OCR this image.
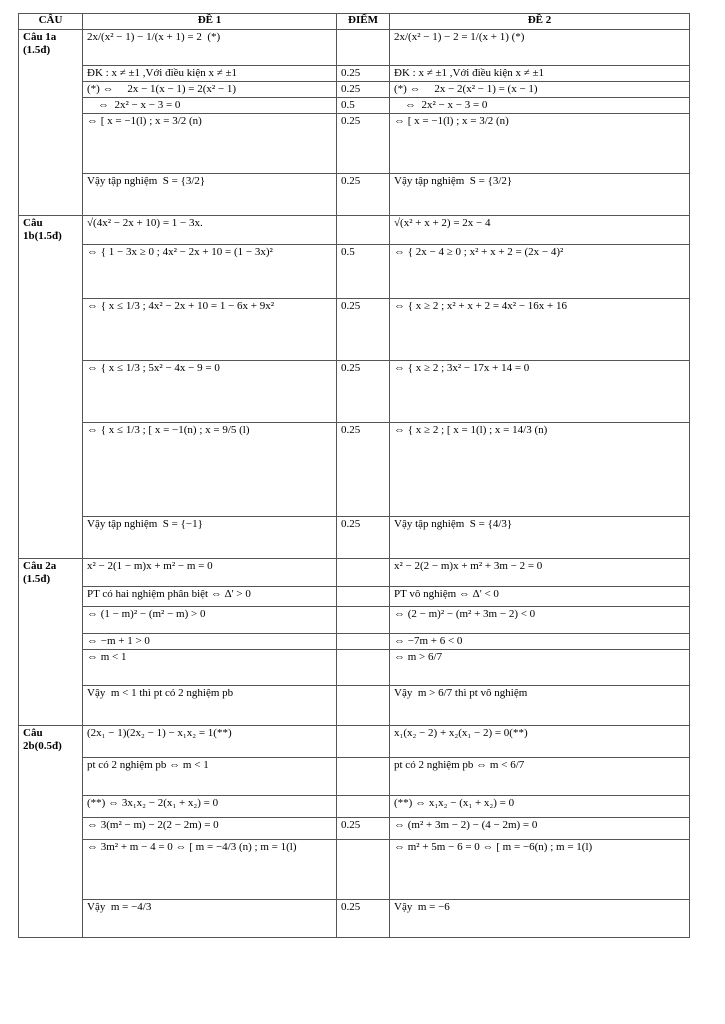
CÂU	ĐỀ 1	ĐIỂM	ĐỀ 2
Câu 1a
(1.5đ)	2x/(x² − 1) − 1/(x + 1) = 2  (*)		2x/(x² − 1) − 2 = 1/(x + 1) (*)
	ĐK : x ≠ ±1 ,Với điều kiện x ≠ ±1	0.25	ĐK : x ≠ ±1 ,Với điều kiện x ≠ ±1
	(*) ⇔     2x − 1(x − 1) = 2(x² − 1)	0.25	(*) ⇔     2x − 2(x² − 1) = (x − 1)
	⇔  2x² − x − 3 = 0	0.5	⇔  2x² − x − 3 = 0
	⇔ [ x = −1(l) ; x = 3/2 (n)	0.25	⇔ [ x = −1(l) ; x = 3/2 (n)
	Vậy tập nghiệm  S = {3/2}	0.25	Vậy tập nghiệm  S = {3/2}
Câu
1b(1.5đ)	√(4x² − 2x + 10) = 1 − 3x.		√(x² + x + 2) = 2x − 4
	⇔ { 1 − 3x ≥ 0 ; 4x² − 2x + 10 = (1 − 3x)²	0.5	⇔ { 2x − 4 ≥ 0 ; x² + x + 2 = (2x − 4)²
	⇔ { x ≤ 1/3 ; 4x² − 2x + 10 = 1 − 6x + 9x²	0.25	⇔ { x ≥ 2 ; x² + x + 2 = 4x² − 16x + 16
	⇔ { x ≤ 1/3 ; 5x² − 4x − 9 = 0	0.25	⇔ { x ≥ 2 ; 3x² − 17x + 14 = 0
	⇔ { x ≤ 1/3 ; [ x = −1(n) ; x = 9/5 (l)	0.25	⇔ { x ≥ 2 ; [ x = 1(l) ; x = 14/3 (n)
	Vậy tập nghiệm  S = {−1}	0.25	Vậy tập nghiệm  S = {4/3}
Câu 2a
(1.5đ)	x² − 2(1 − m)x + m² − m = 0		x² − 2(2 − m)x + m² + 3m − 2 = 0
	PT có hai nghiệm phân biệt ⇔ Δ' > 0		PT vô nghiệm ⇔ Δ' < 0
	⇔ (1 − m)² − (m² − m) > 0		⇔ (2 − m)² − (m² + 3m − 2) < 0
	⇔ −m + 1 > 0		⇔ −7m + 6 < 0
	⇔ m < 1		⇔ m > 6/7
	Vậy  m < 1 thì pt có 2 nghiệm pb		Vậy  m > 6/7 thì pt vô nghiệm
Câu
2b(0.5đ)	(2x₁ − 1)(2x₂ − 1) − x₁x₂ = 1(**)		x₁(x₂ − 2) + x₂(x₁ − 2) = 0(**)
	pt có 2 nghiệm pb ⇔ m < 1		pt có 2 nghiệm pb ⇔ m < 6/7
	(**) ⇔ 3x₁x₂ − 2(x₁ + x₂) = 0		(**) ⇔ x₁x₂ − (x₁ + x₂) = 0
	⇔ 3(m² − m) − 2(2 − 2m) = 0	0.25	⇔ (m² + 3m − 2) − (4 − 2m) = 0
	⇔ 3m² + m − 4 = 0 ⇔ [ m = −4/3 (n) ; m = 1(l)		⇔ m² + 5m − 6 = 0 ⇔ [ m = −6(n) ; m = 1(l)
	Vậy  m = −4/3	0.25	Vậy  m = −6
